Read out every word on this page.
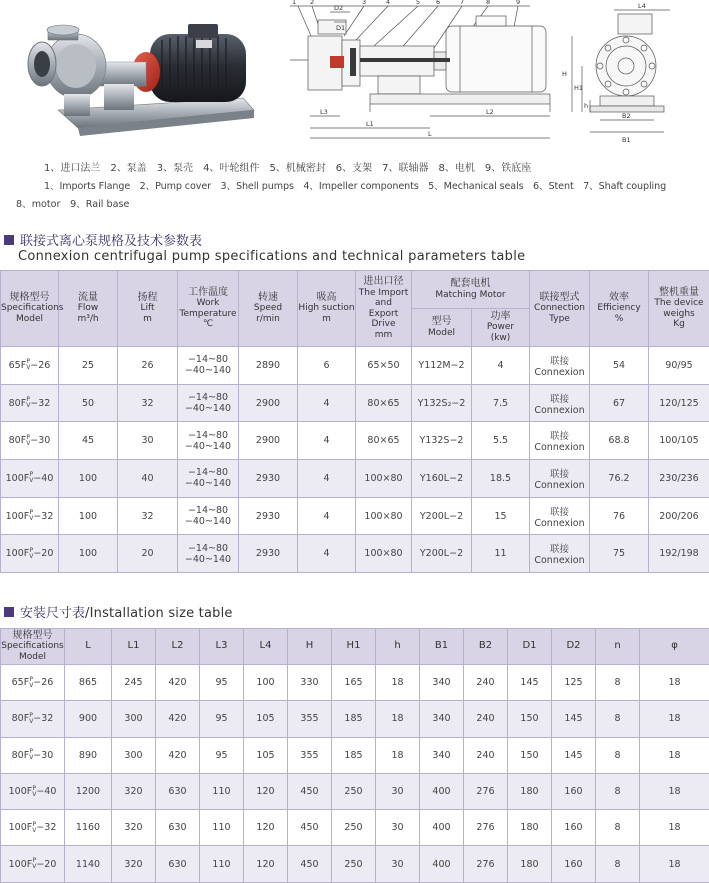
1 2	3	4	5 6	7	8	9
D2
D1
L3
L1
L2
L
L4
H
H1
h
B2
B1
1、进口法兰　2、泵盖　3、泵壳　4、叶轮组件　5、机械密封　6、支架　7、联轴器　8、电机　9、铁底座
1、Imports Flange　2、Pump cover　3、Shell pumps　4、Impeller components　5、Mechanical seals　6、Stent　7、Shaft coupling
8、motor　9、Rail base
联接式离心泵规格及技术参数表
Connexion centrifugal pump specifications and technical parameters table
规格型号
Specifications
Model	流量
Flow
m³/h	扬程
Lift
m	工作温度
Work
Temperature
℃	转速
Speed
r/min	吸高
High suction
m	进出口径
The Import and
Export Drive
mm	配套电机
Matching Motor		联接型式
Connection
Type	效率
Efficiency
%	整机重量
The device
weighs
Kg
							型号
Model	功率
Power
(kw)			
65F P
V −26	25	26	−14~80
−40~140	2890	6	65×50	Y112M−2	4	联接
Connexion	54	90/95
80F P
V −32	50	32	−14~80
−40~140	2900	4	80×65	Y132S₂−2	7.5	联接
Connexion	67	120/125
80F P
V −30	45	30	−14~80
−40~140	2900	4	80×65	Y132S−2	5.5	联接
Connexion	68.8	100/105
100F P
V −40	100	40	−14~80
−40~140	2930	4	100×80	Y160L−2	18.5	联接
Connexion	76.2	230/236
100F P
V −32	100	32	−14~80
−40~140	2930	4	100×80	Y200L−2	15	联接
Connexion	76	200/206
100F P
V −20	100	20	−14~80
−40~140	2930	4	100×80	Y200L−2	11	联接
Connexion	75	192/198
安装尺寸表/Installation size table
规格型号
Specifications
Model	L	L1	L2	L3	L4	H	H1	h	B1	B2	D1	D2	n	φ
65F P
V −26	865	245	420	95	100	330	165	18	340	240	145	125	8	18
80F P
V −32	900	300	420	95	105	355	185	18	340	240	150	145	8	18
80F P
V −30	890	300	420	95	105	355	185	18	340	240	150	145	8	18
100F P
V −40	1200	320	630	110	120	450	250	30	400	276	180	160	8	18
100F P
V −32	1160	320	630	110	120	450	250	30	400	276	180	160	8	18
100F P
V −20	1140	320	630	110	120	450	250	30	400	276	180	160	8	18
